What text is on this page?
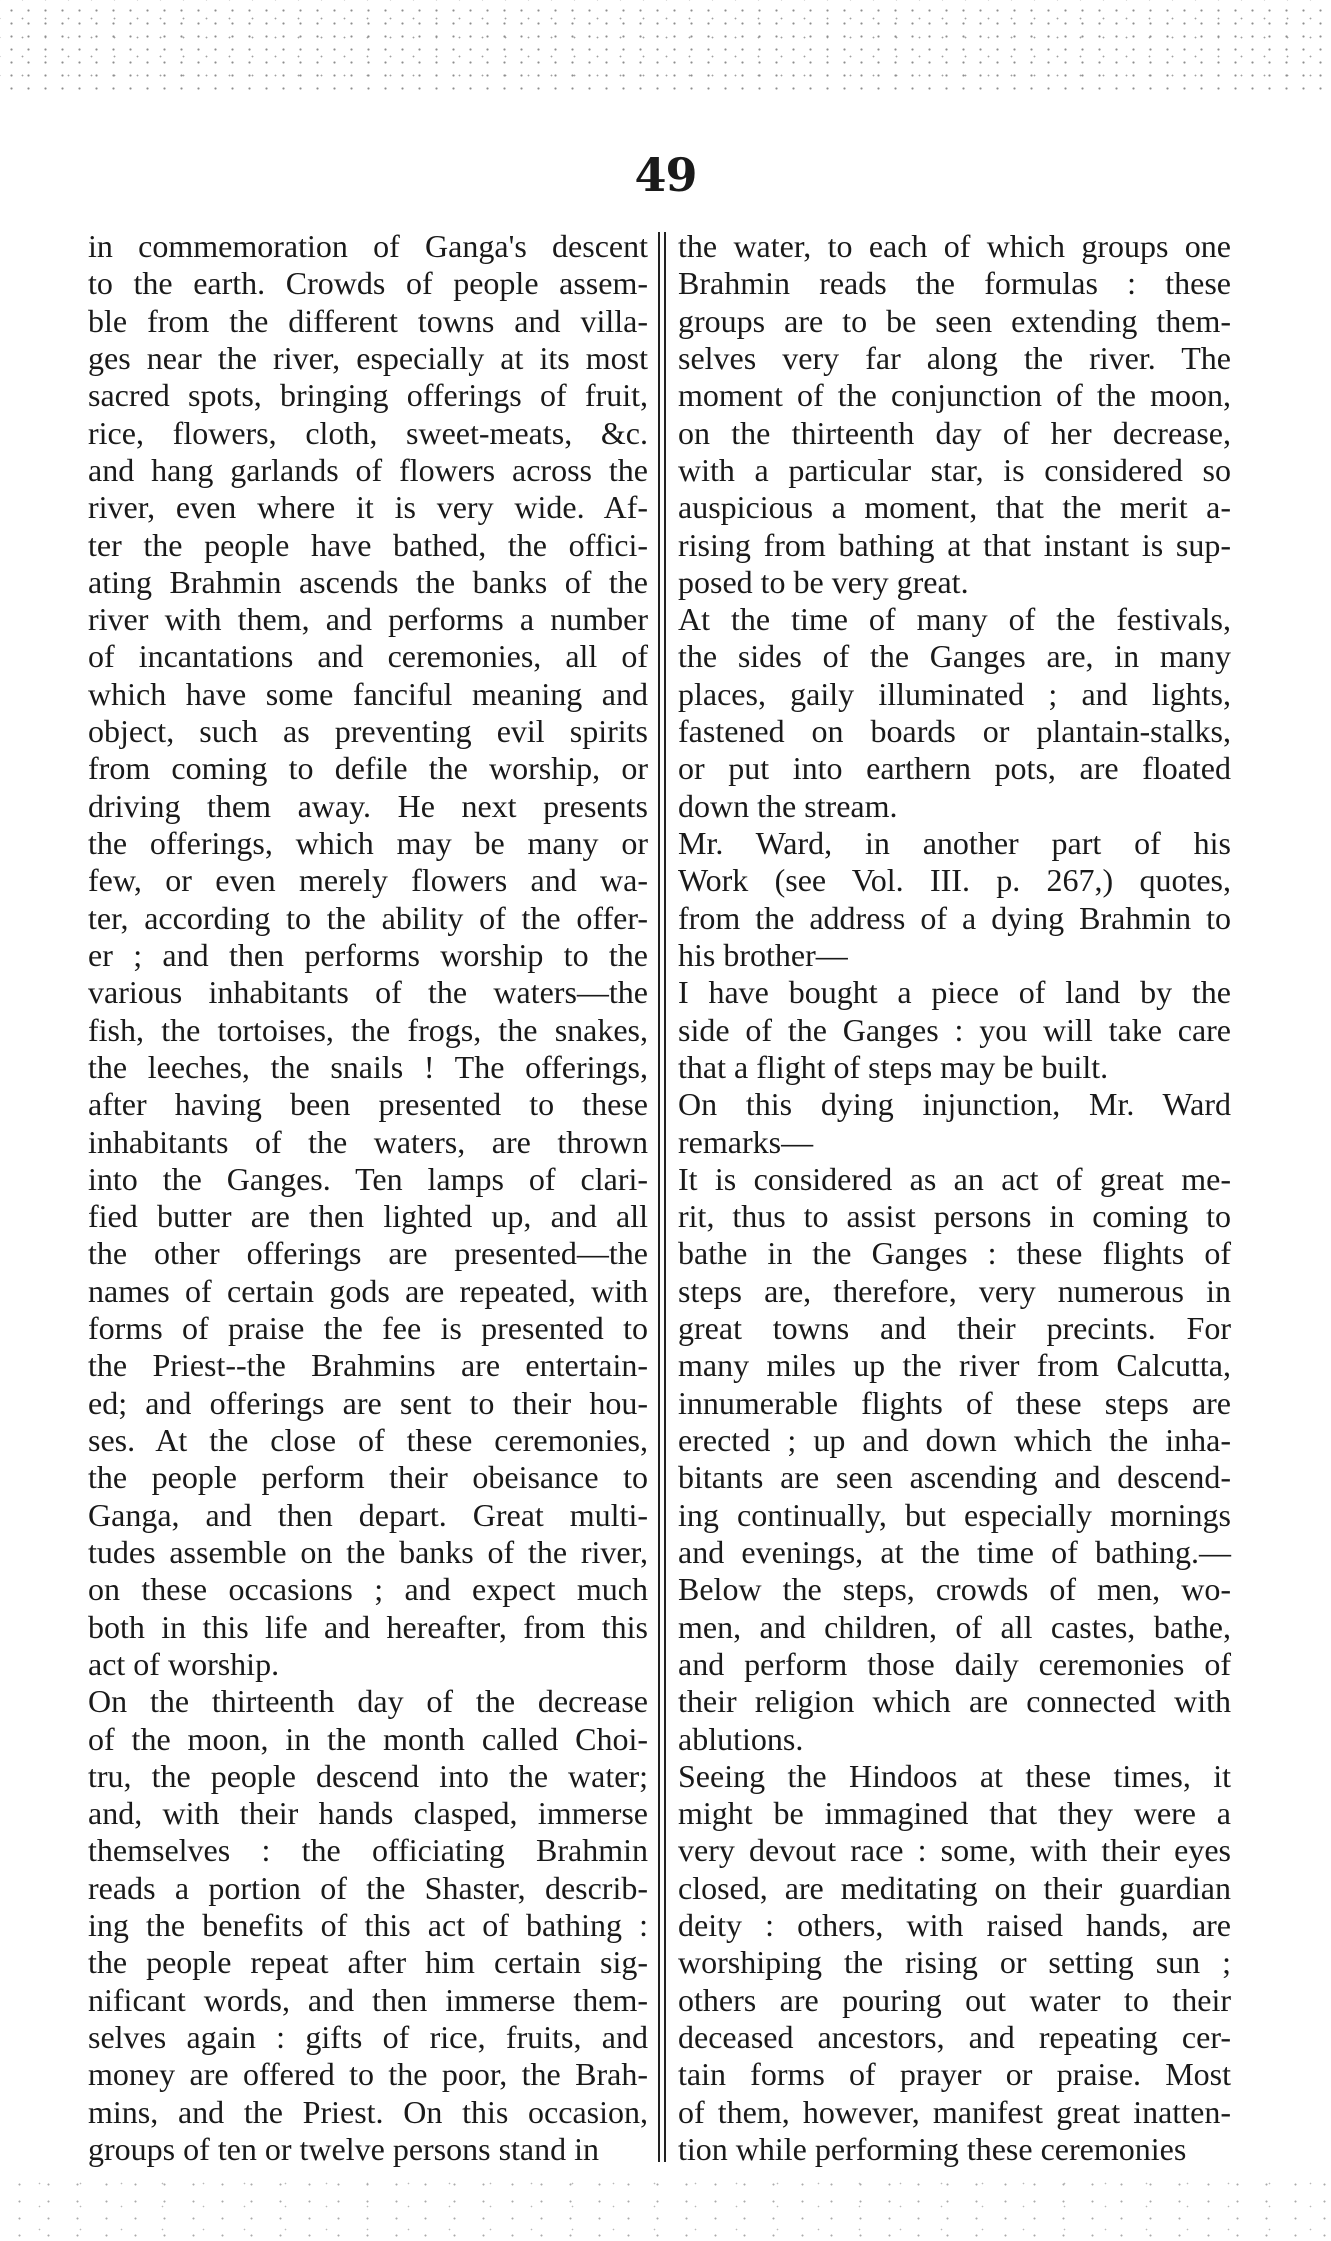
49
in commemoration of Ganga's descent
to the earth. Crowds of people assem-
ble from the different towns and villa-
ges near the river, especially at its most
sacred spots, bringing offerings of fruit,
rice, flowers, cloth, sweet-meats, &c.
and hang garlands of flowers across the
river, even where it is very wide. Af-
ter the people have bathed, the offici-
ating Brahmin ascends the banks of the
river with them, and performs a number
of incantations and ceremonies, all of
which have some fanciful meaning and
object, such as preventing evil spirits
from coming to defile the worship, or
driving them away. He next presents
the offerings, which may be many or
few, or even merely flowers and wa-
ter, according to the ability of the offer-
er ; and then performs worship to the
various inhabitants of the waters—the
fish, the tortoises, the frogs, the snakes,
the leeches, the snails ! The offerings,
after having been presented to these
inhabitants of the waters, are thrown
into the Ganges. Ten lamps of clari-
fied butter are then lighted up, and all
the other offerings are presented—the
names of certain gods are repeated, with
forms of praise the fee is presented to
the Priest--the Brahmins are entertain-
ed; and offerings are sent to their hou-
ses. At the close of these ceremonies,
the people perform their obeisance to
Ganga, and then depart. Great multi-
tudes assemble on the banks of the river,
on these occasions ; and expect much
both in this life and hereafter, from this
act of worship.
On the thirteenth day of the decrease
of the moon, in the month called Choi-
tru, the people descend into the water;
and, with their hands clasped, immerse
themselves : the officiating Brahmin
reads a portion of the Shaster, describ-
ing the benefits of this act of bathing :
the people repeat after him certain sig-
nificant words, and then immerse them-
selves again : gifts of rice, fruits, and
money are offered to the poor, the Brah-
mins, and the Priest. On this occasion,
groups of ten or twelve persons stand in
the water, to each of which groups one
Brahmin reads the formulas : these
groups are to be seen extending them-
selves very far along the river. The
moment of the conjunction of the moon,
on the thirteenth day of her decrease,
with a particular star, is considered so
auspicious a moment, that the merit a-
rising from bathing at that instant is sup-
posed to be very great.
At the time of many of the festivals,
the sides of the Ganges are, in many
places, gaily illuminated ; and lights,
fastened on boards or plantain-stalks,
or put into earthern pots, are floated
down the stream.
Mr. Ward, in another part of his
Work (see Vol. III. p. 267,) quotes,
from the address of a dying Brahmin to
his brother—
I have bought a piece of land by the
side of the Ganges : you will take care
that a flight of steps may be built.
On this dying injunction, Mr. Ward
remarks—
It is considered as an act of great me-
rit, thus to assist persons in coming to
bathe in the Ganges : these flights of
steps are, therefore, very numerous in
great towns and their precints. For
many miles up the river from Calcutta,
innumerable flights of these steps are
erected ; up and down which the inha-
bitants are seen ascending and descend-
ing continually, but especially mornings
and evenings, at the time of bathing.—
Below the steps, crowds of men, wo-
men, and children, of all castes, bathe,
and perform those daily ceremonies of
their religion which are connected with
ablutions.
Seeing the Hindoos at these times, it
might be immagined that they were a
very devout race : some, with their eyes
closed, are meditating on their guardian
deity : others, with raised hands, are
worshiping the rising or setting sun ;
others are pouring out water to their
deceased ancestors, and repeating cer-
tain forms of prayer or praise. Most
of them, however, manifest great inatten-
tion while performing these ceremonies
